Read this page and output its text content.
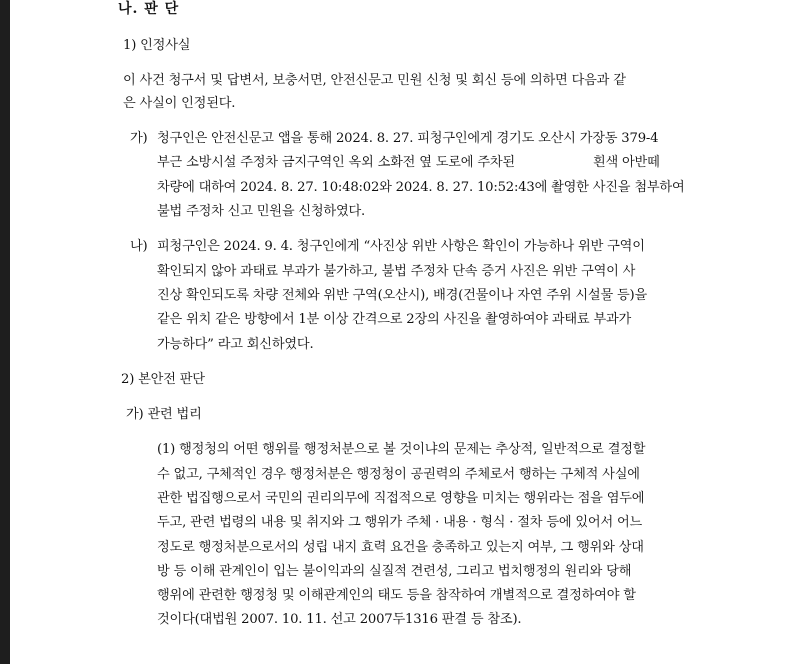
나. 판 단
1) 인정사실
이 사건 청구서 및 답변서, 보충서면, 안전신문고 민원 신청 및 회신 등에 의하면 다음과 같
은 사실이 인정된다.
가) 청구인은 안전신문고 앱을 통해 2024. 8. 27. 피청구인에게 경기도 오산시 가장동 379-4
부근 소방시설 주정차 금지구역인 옥외 소화전 옆 도로에 주차된	흰색 아반떼
차량에 대하여 2024. 8. 27. 10:48:02와 2024. 8. 27. 10:52:43에 촬영한 사진을 첨부하여
불법 주정차 신고 민원을 신청하였다.
나) 피청구인은 2024. 9. 4. 청구인에게 “사진상 위반 사항은 확인이 가능하나 위반 구역이
확인되지 않아 과태료 부과가 불가하고, 불법 주정차 단속 증거 사진은 위반 구역이 사
진상 확인되도록 차량 전체와 위반 구역(오산시), 배경(건물이나 자연 주위 시설물 등)을
같은 위치 같은 방향에서 1분 이상 간격으로 2장의 사진을 촬영하여야 과태료 부과가
가능하다” 라고 회신하였다.
2) 본안전 판단
가) 관련 법리
(1) 행정청의 어떤 행위를 행정처분으로 볼 것이냐의 문제는 추상적, 일반적으로 결정할
수 없고, 구체적인 경우 행정처분은 행정청이 공권력의 주체로서 행하는 구체적 사실에
관한 법집행으로서 국민의 권리의무에 직접적으로 영향을 미치는 행위라는 점을 염두에
두고, 관련 법령의 내용 및 취지와 그 행위가 주체 · 내용 · 형식 · 절차 등에 있어서 어느
정도로 행정처분으로서의 성립 내지 효력 요건을 충족하고 있는지 여부, 그 행위와 상대
방 등 이해 관계인이 입는 불이익과의 실질적 견련성, 그리고 법치행정의 원리와 당해
행위에 관련한 행정청 및 이해관계인의 태도 등을 참작하여 개별적으로 결정하여야 할
것이다(대법원 2007. 10. 11. 선고 2007두1316 판결 등 참조).
